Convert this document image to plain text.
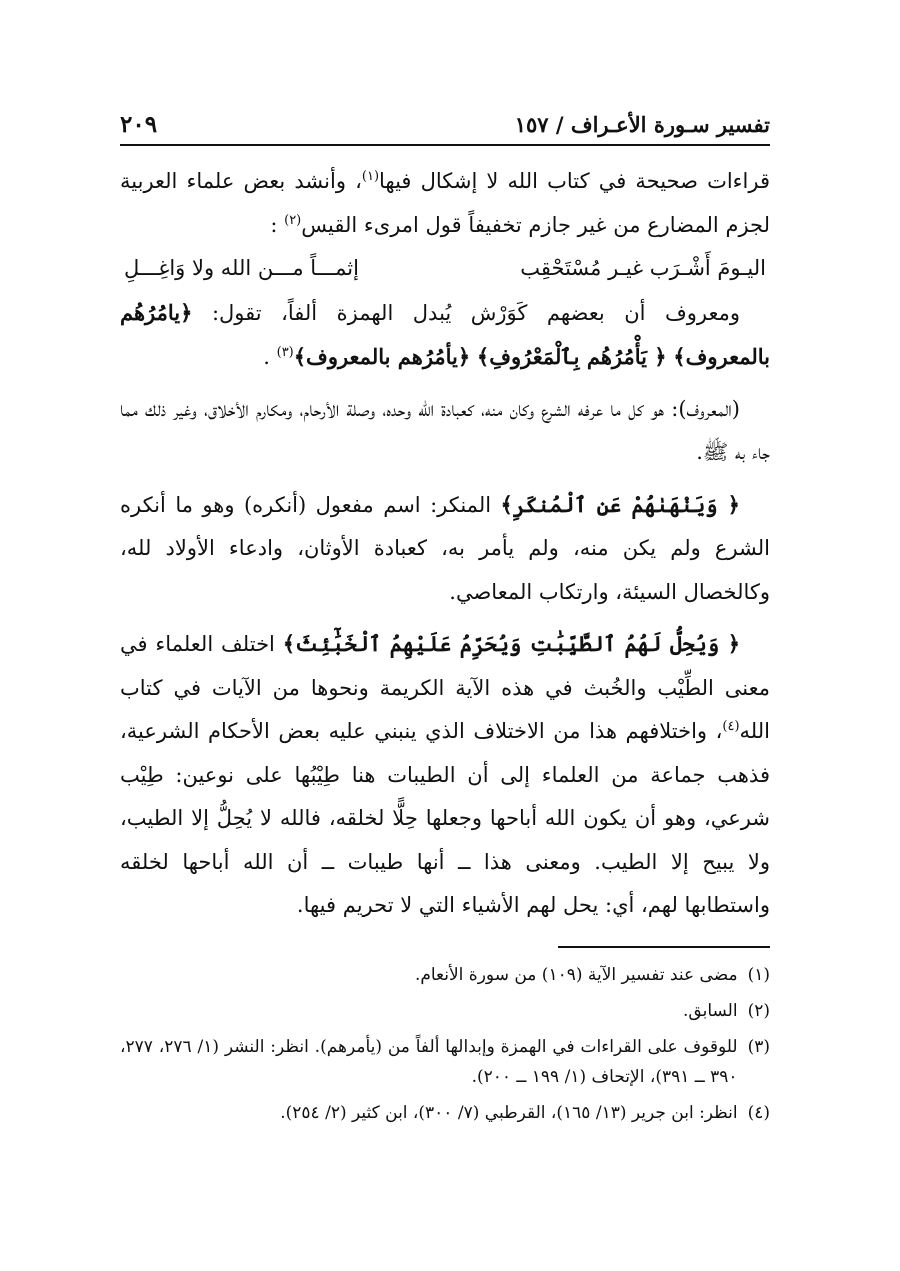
تفسير سـورة الأعـراف / ١٥٧
٢٠٩

قراءات صحيحة في كتاب الله لا إشكال فيها$^{(١)}$، وأنشد بعض علماء العربية لجزم المضارع من غير جازم تخفيفاً قول امرىء القيس$^{(٢)}$ :

اليـومَ أَشْـرَب غيـر مُسْتَحْقِب
إثمـــاً مـــن الله ولا وَاغِـــلِ

ومعروف أن بعضهم كَوَرْش يُبدل الهمزة ألفاً، تقول: ﴿يامُرُهُم بالمعروف﴾ ﴿ يَأْمُرُهُم بِٱلْمَعْرُوفِ﴾ ﴿يأمُرُهم بالمعروف﴾$^{(٣)}$ .

(المعروف): هو كل ما عرفه الشرع وكان منه، كعبادة الله وحده، وصلة الأرحام، ومكارم الأخلاق، وغير ذلك مما جاء به ﷺ.

﴿ وَيَنْهَىٰهُمْ عَنِ ٱلْمُنكَرِ﴾ المنكر: اسم مفعول (أنكره) وهو ما أنكره الشرع ولم يكن منه، ولم يأمر به، كعبادة الأوثان، وادعاء الأولاد لله، وكالخصال السيئة، وارتكاب المعاصي.

﴿ وَيُحِلُّ لَهُمُ ٱلطَّيِّبَٰتِ وَيُحَرِّمُ عَلَيْهِمُ ٱلْخَبَٰٓئِثَ﴾ اختلف العلماء في معنى الطِّيْب والخُبث في هذه الآية الكريمة ونحوها من الآيات في كتاب الله$^{(٤)}$، واختلافهم هذا من الاختلاف الذي ينبني عليه بعض الأحكام الشرعية، فذهب جماعة من العلماء إلى أن الطيبات هنا طِيْبُها على نوعين: طِيْب شرعي، وهو أن يكون الله أباحها وجعلها حِلًّا لخلقه، فالله لا يُحِلُّ إلا الطيب، ولا يبيح إلا الطيب. ومعنى هذا ــ أنها طيبات ــ أن الله أباحها لخلقه واستطابها لهم، أي: يحل لهم الأشياء التي لا تحريم فيها.

(١)
مضى عند تفسير الآية (١٠٩) من سورة الأنعام.
(٢)
السابق.
(٣)
للوقوف على القراءات في الهمزة وإبدالها ألفاً من (يأمرهم). انظر: النشر (١/ ٢٧٦، ٢٧٧، ٣٩٠ ــ ٣٩١)، الإتحاف (١/ ١٩٩ ــ ٢٠٠).
(٤)
انظر: ابن جرير (١٣/ ١٦٥)، القرطبي (٧/ ٣٠٠)، ابن كثير (٢/ ٢٥٤).
